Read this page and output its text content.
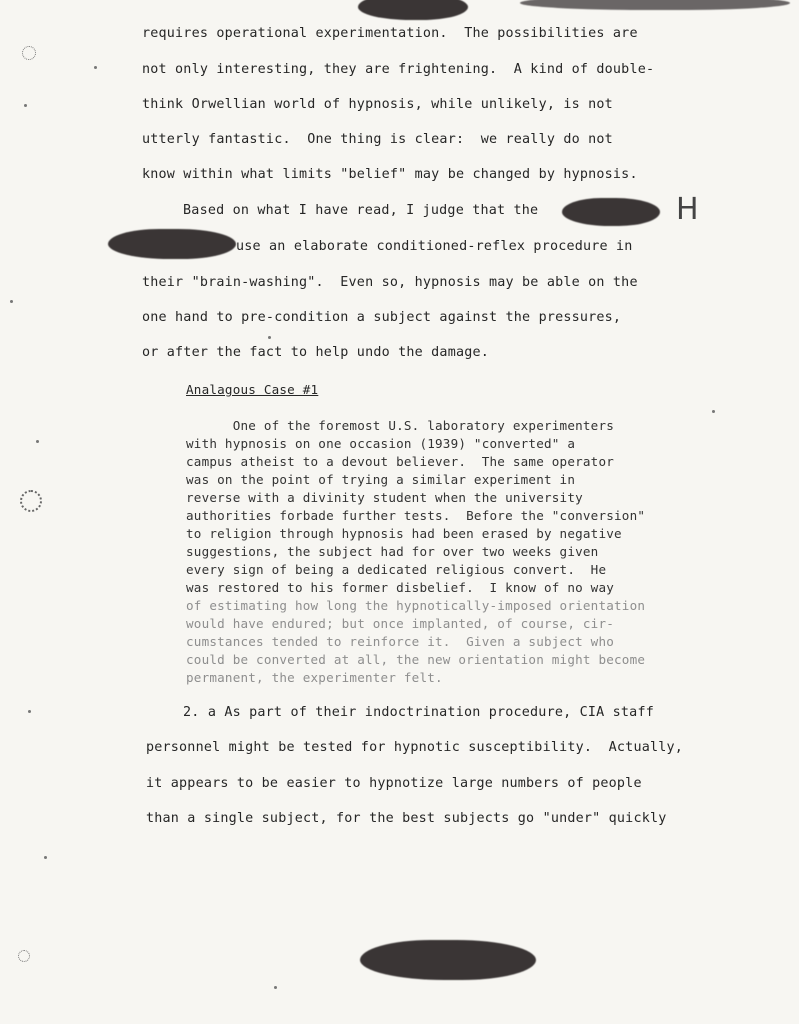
requires operational experimentation.  The possibilities are
not only interesting, they are frightening.  A kind of double-
think Orwellian world of hypnosis, while unlikely, is not
utterly fantastic.  One thing is clear:  we really do not
know within what limits "belief" may be changed by hypnosis.
Based on what I have read, I judge that the	H
use an elaborate conditioned-reflex procedure in
their "brain-washing".  Even so, hypnosis may be able on the
one hand to pre-condition a subject against the pressures,
or after the fact to help undo the damage.
Analagous Case #1
One of the foremost U.S. laboratory experimenters
with hypnosis on one occasion (1939) "converted" a
campus atheist to a devout believer.  The same operator
was on the point of trying a similar experiment in
reverse with a divinity student when the university
authorities forbade further tests.  Before the "conversion"
to religion through hypnosis had been erased by negative
suggestions, the subject had for over two weeks given
every sign of being a dedicated religious convert.  He
was restored to his former disbelief.  I know of no way
of estimating how long the hypnotically-imposed orientation
would have endured; but once implanted, of course, cir-
cumstances tended to reinforce it.  Given a subject who
could be converted at all, the new orientation might become
permanent, the experimenter felt.
2. a As part of their indoctrination procedure, CIA staff
personnel might be tested for hypnotic susceptibility.  Actually,
it appears to be easier to hypnotize large numbers of people
than a single subject, for the best subjects go "under" quickly
